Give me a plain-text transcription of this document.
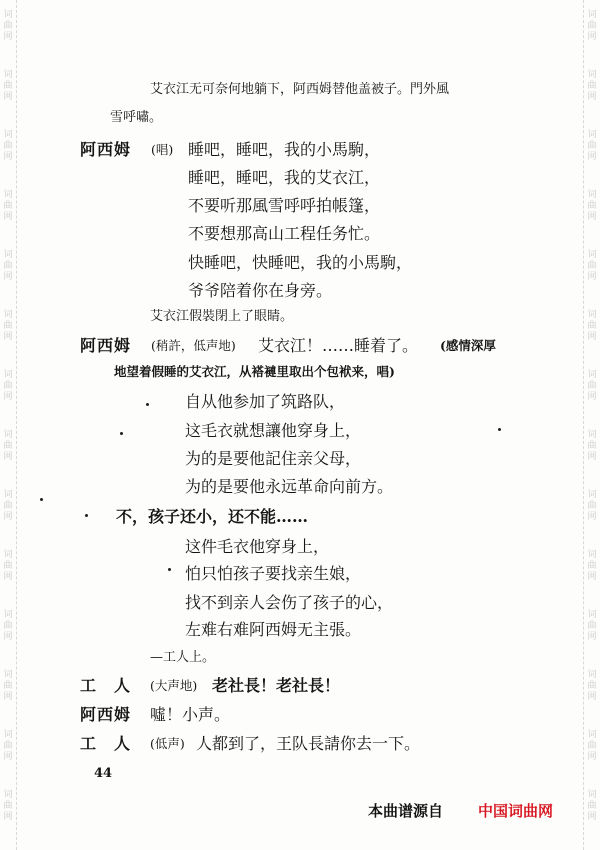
词
曲
网
词
曲
网
词
曲
网
词
曲
网
词
曲
网
词
曲
网
词
曲
网
词
曲
网
词
曲
网
词
曲
网
词
曲
网
词
曲
网
词
曲
网
词
曲
网
词
曲
网
词
曲
网
词
曲
网
词
曲
网
词
曲
网
词
曲
网
词
曲
网
词
曲
网
词
曲
网
词
曲
网
词
曲
网
词
曲
网
词
曲
网
词
曲
网
艾衣江无可奈何地躺下，阿西姆替他盖被子。門外風
雪呼嘯。
阿西姆 (唱) 睡吧，睡吧，我的小馬駒，
睡吧，睡吧，我的艾衣江，
不要听那風雪呼呼拍帳篷，
不要想那高山工程任务忙。
快睡吧，快睡吧，我的小馬駒，
爷爷陪着你在身旁。
艾衣江假裝閉上了眼睛。
阿西姆 (稍許，低声地) 艾衣江！……睡着了。 (感情深厚
地望着假睡的艾衣江，从褡褳里取出个包袱来，唱)
自从他参加了筑路队，
这毛衣就想讓他穿身上，
为的是要他記住亲父母，
为的是要他永远革命向前方。
不，孩子还小，还不能……
这件毛衣他穿身上，
怕只怕孩子要找亲生娘，
找不到亲人会伤了孩子的心，
左难右难阿西姆无主張。
—工人上。
工　人 (大声地) 老社長！老社長！
阿西姆 噓！小声。
工　人 (低声) 人都到了，王队長請你去一下。
44
本曲谱源自 中国词曲网
